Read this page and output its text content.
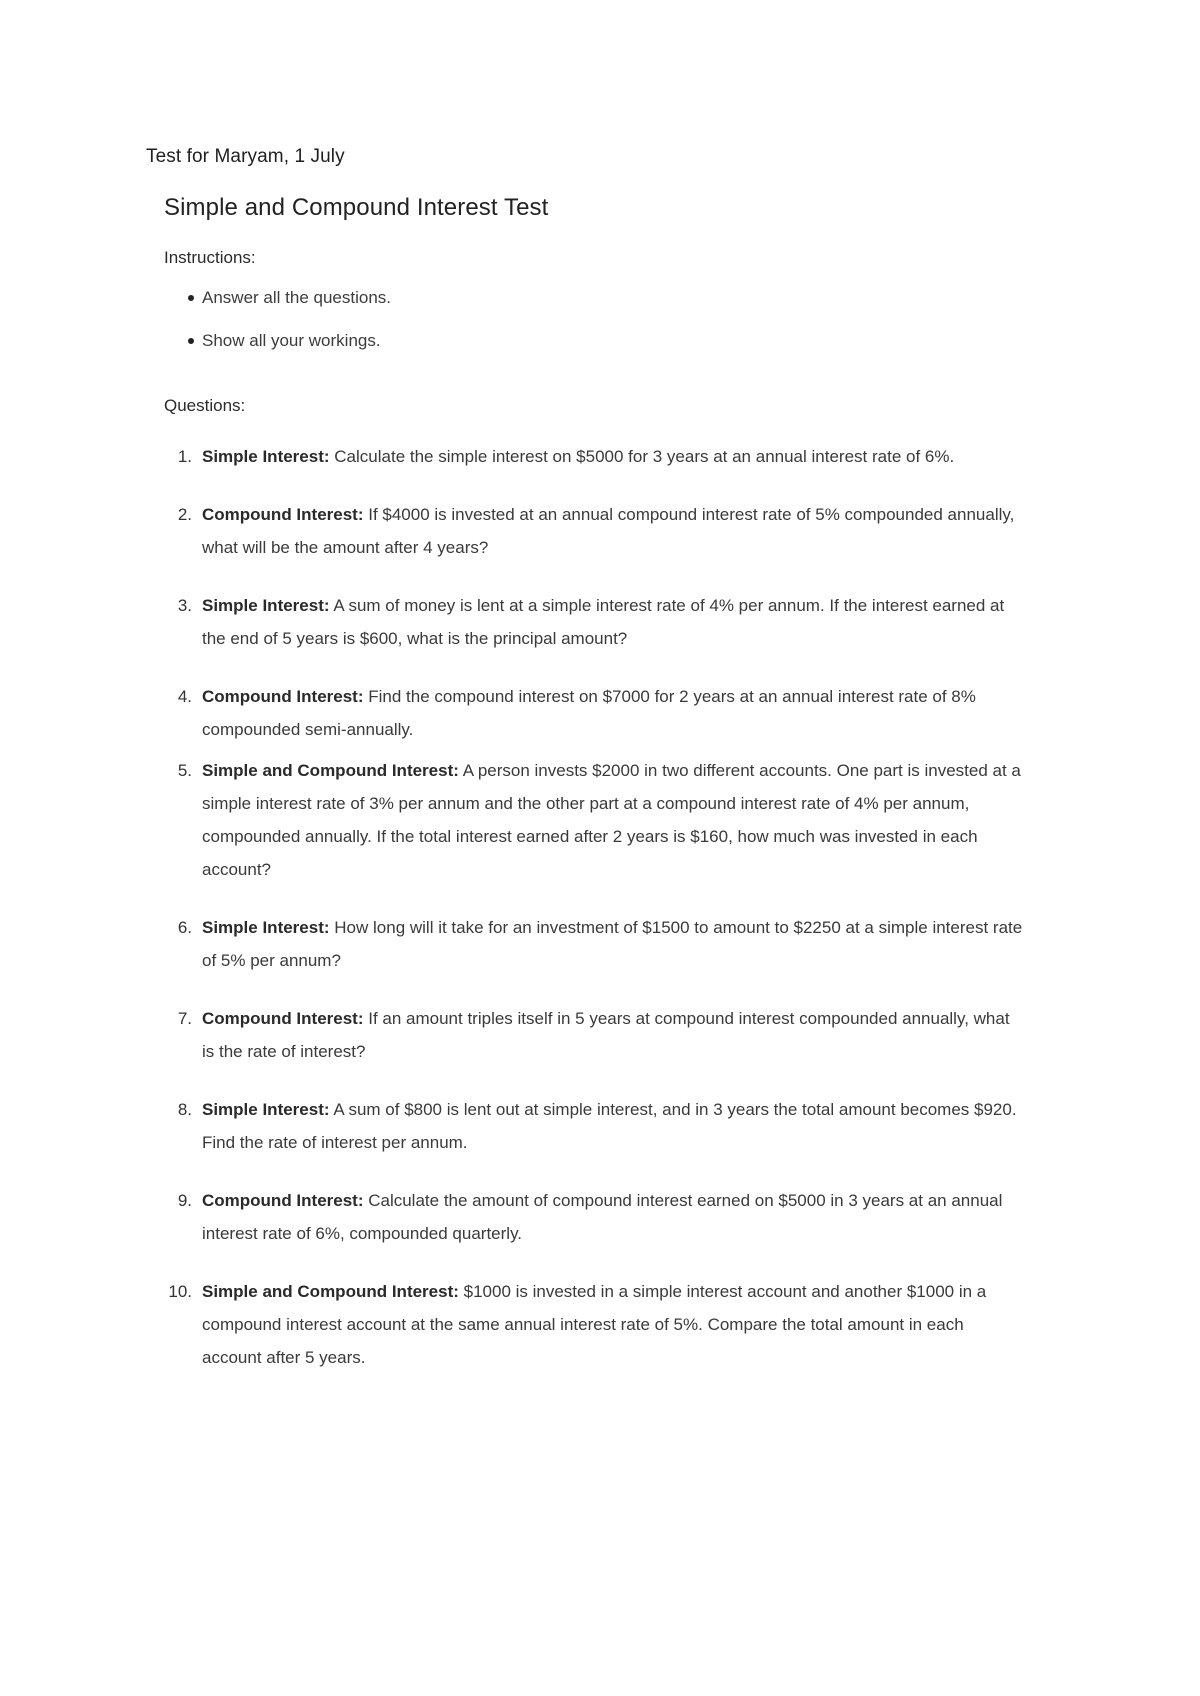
Test for Maryam, 1 July
Simple and Compound Interest Test
Instructions:
Answer all the questions.
Show all your workings.
Questions:
1. Simple Interest: Calculate the simple interest on $5000 for 3 years at an annual interest rate of 6%.
2. Compound Interest: If $4000 is invested at an annual compound interest rate of 5% compounded annually, what will be the amount after 4 years?
3. Simple Interest: A sum of money is lent at a simple interest rate of 4% per annum. If the interest earned at the end of 5 years is $600, what is the principal amount?
4. Compound Interest: Find the compound interest on $7000 for 2 years at an annual interest rate of 8% compounded semi-annually.
5. Simple and Compound Interest: A person invests $2000 in two different accounts. One part is invested at a simple interest rate of 3% per annum and the other part at a compound interest rate of 4% per annum, compounded annually. If the total interest earned after 2 years is $160, how much was invested in each account?
6. Simple Interest: How long will it take for an investment of $1500 to amount to $2250 at a simple interest rate of 5% per annum?
7. Compound Interest: If an amount triples itself in 5 years at compound interest compounded annually, what is the rate of interest?
8. Simple Interest: A sum of $800 is lent out at simple interest, and in 3 years the total amount becomes $920. Find the rate of interest per annum.
9. Compound Interest: Calculate the amount of compound interest earned on $5000 in 3 years at an annual interest rate of 6%, compounded quarterly.
10. Simple and Compound Interest: $1000 is invested in a simple interest account and another $1000 in a compound interest account at the same annual interest rate of 5%. Compare the total amount in each account after 5 years.
